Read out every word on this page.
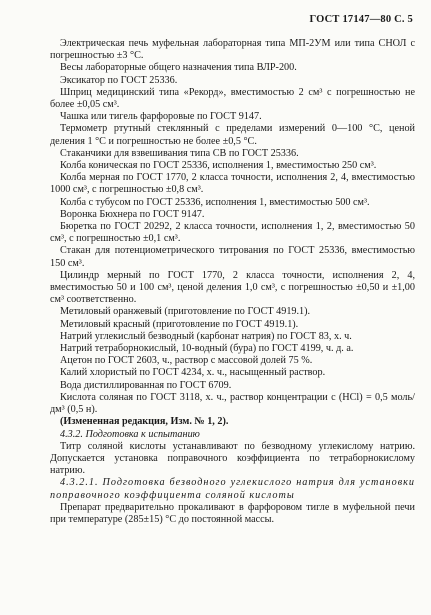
ГОСТ 17147—80 С. 5

Электрическая печь муфельная лабораторная типа МП-2УМ или типа СНОЛ с погрешностью ±3 °С.

Весы лабораторные общего назначения типа ВЛР-200.

Эксикатор по ГОСТ 25336.

Шприц медицинский типа «Рекорд», вместимостью 2 см³ с погрешностью не более ±0,05 см³.

Чашка или тигель фарфоровые по ГОСТ 9147.

Термометр ртутный стеклянный с пределами измерений 0—100 °С, ценой деления 1 °С и погрешностью не более ±0,5 °С.

Стаканчики для взвешивания типа СВ по ГОСТ 25336.

Колба коническая по ГОСТ 25336, исполнения 1, вместимостью 250 см³.

Колба мерная по ГОСТ 1770, 2 класса точности, исполнения 2, 4, вместимостью 1000 см³, с погрешностью ±0,8 см³.

Колба с тубусом по ГОСТ 25336, исполнения 1, вместимостью 500 см³.

Воронка Бюхнера по ГОСТ 9147.

Бюретка по ГОСТ 20292, 2 класса точности, исполнения 1, 2, вместимостью 50 см³, с погрешностью ±0,1 см³.

Стакан для потенциометрического титрования по ГОСТ 25336, вместимостью 150 см³.

Цилиндр мерный по ГОСТ 1770, 2 класса точности, исполнения 2, 4, вместимостью 50 и 100 см³, ценой деления 1,0 см³, с погрешностью ±0,50 и ±1,00 см³ соответственно.

Метиловый оранжевый (приготовление по ГОСТ 4919.1).

Метиловый красный (приготовление по ГОСТ 4919.1).

Натрий углекислый безводный (карбонат натрия) по ГОСТ 83, х. ч.

Натрий тетраборнокислый, 10-водный (бура) по ГОСТ 4199, ч. д. а.

Ацетон по ГОСТ 2603, ч., раствор с массовой долей 75 %.

Калий хлористый по ГОСТ 4234, х. ч., насыщенный раствор.

Вода дистиллированная по ГОСТ 6709.

Кислота соляная по ГОСТ 3118, х. ч., раствор концентрации с (HCl) = 0,5 моль/дм³ (0,5 н).

(Измененная редакция, Изм. № 1, 2).

4.3.2. Подготовка к испытанию

Титр соляной кислоты устанавливают по безводному углекислому натрию. Допускается установка поправочного коэффициента по тетраборнокислому натрию.

4.3.2.1. Подготовка безводного углекислого натрия для установки поправочного коэффициента соляной кислоты

Препарат предварительно прокаливают в фарфоровом тигле в муфельной печи при температуре (285±15) °С до постоянной массы.
